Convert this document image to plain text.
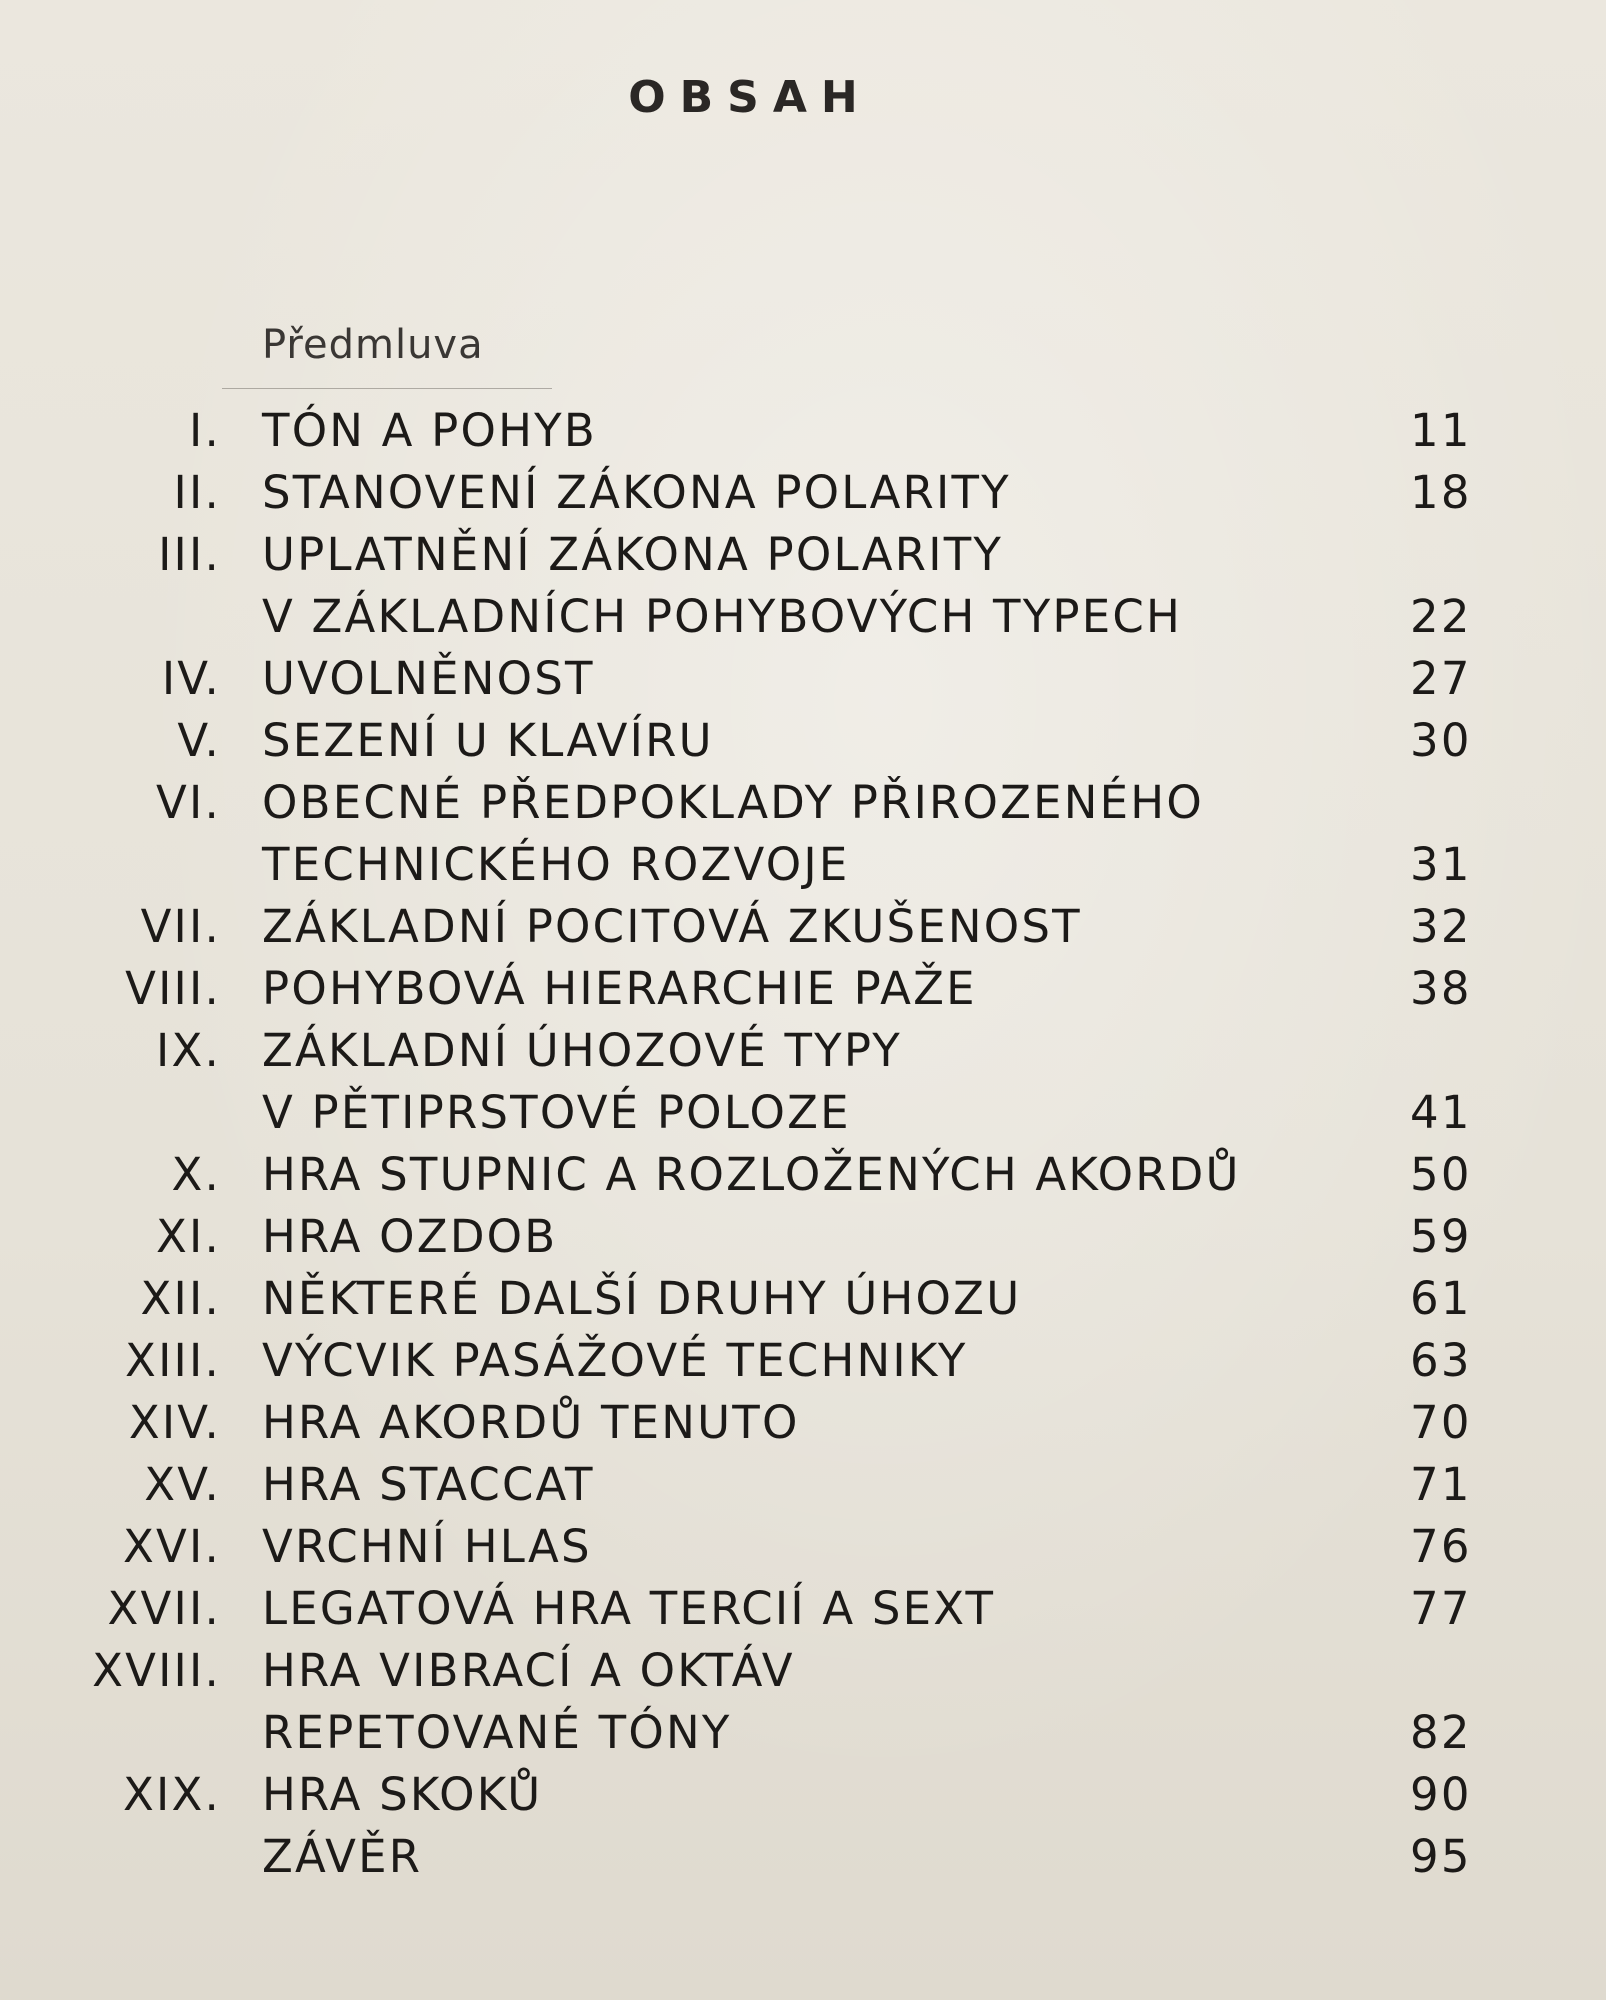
OBSAH
Předmluva
I. TÓN A POHYB	11
II. STANOVENÍ ZÁKONA POLARITY	18
III. UPLATNĚNÍ ZÁKONA POLARITY
V ZÁKLADNÍCH POHYBOVÝCH TYPECH	22
IV. UVOLNĚNOST	27
V. SEZENÍ U KLAVÍRU	30
VI. OBECNÉ PŘEDPOKLADY PŘIROZENÉHO
TECHNICKÉHO ROZVOJE	31
VII. ZÁKLADNÍ POCITOVÁ ZKUŠENOST	32
VIII. POHYBOVÁ HIERARCHIE PAŽE	38
IX. ZÁKLADNÍ ÚHOZOVÉ TYPY
V PĚTIPRSTOVÉ POLOZE	41
X. HRA STUPNIC A ROZLOŽENÝCH AKORDŮ	50
XI. HRA OZDOB	59
XII. NĚKTERÉ DALŠÍ DRUHY ÚHOZU	61
XIII. VÝCVIK PASÁŽOVÉ TECHNIKY	63
XIV. HRA AKORDŮ TENUTO	70
XV. HRA STACCAT	71
XVI. VRCHNÍ HLAS	76
XVII. LEGATOVÁ HRA TERCIÍ A SEXT	77
XVIII. HRA VIBRACÍ A OKTÁV
REPETOVANÉ TÓNY	82
XIX. HRA SKOKŮ	90
ZÁVĚR	95
